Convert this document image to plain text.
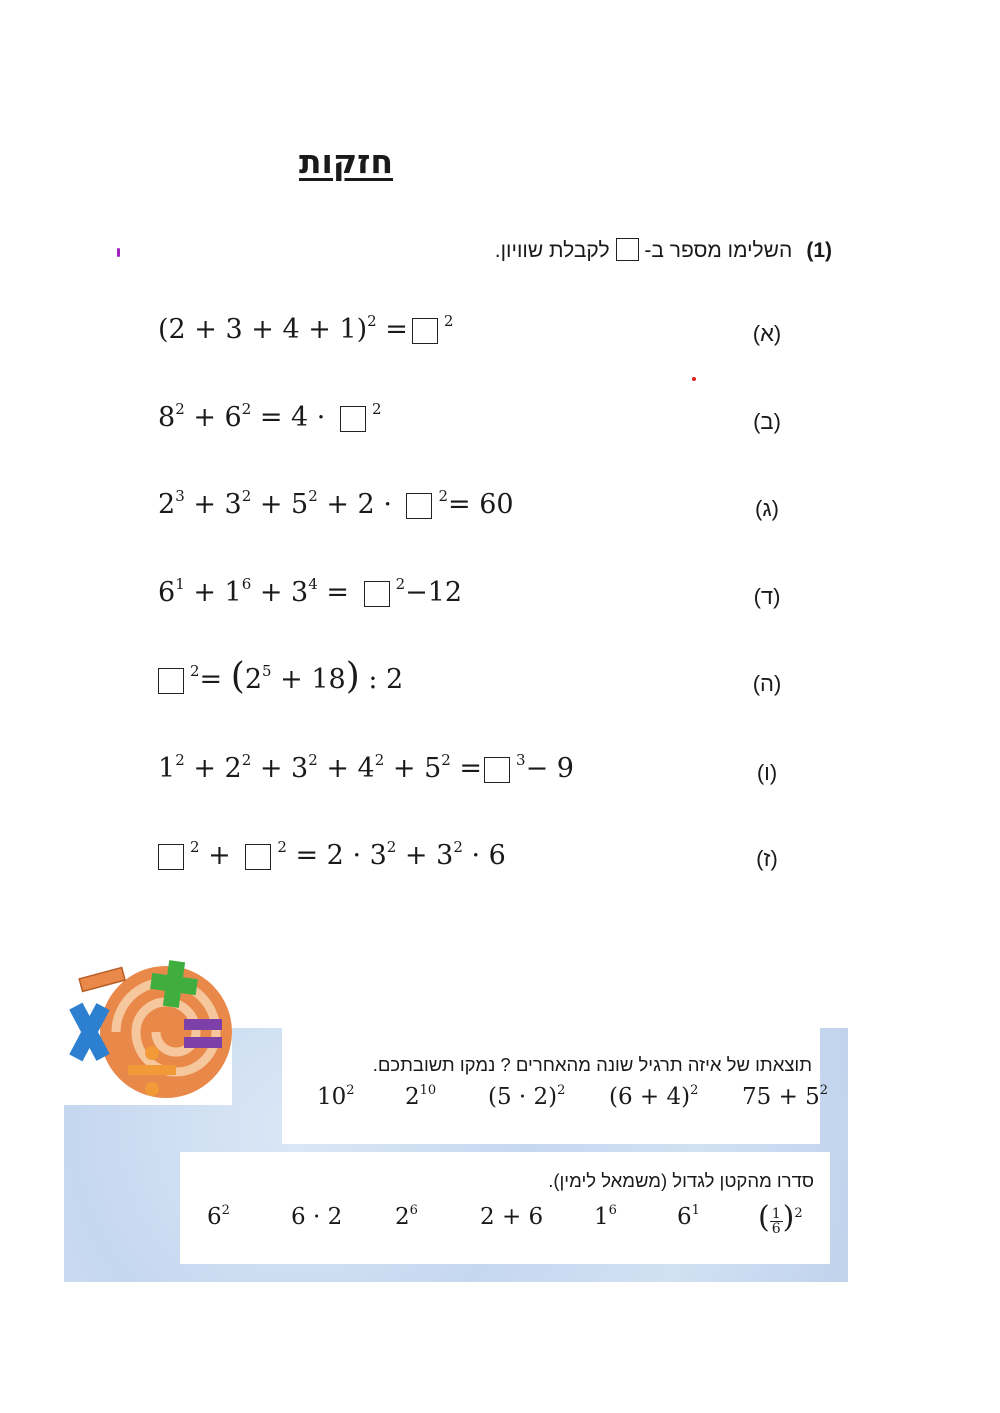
חזקות
(1)השלימו מספר ב-  לקבלת שוויון.
(א)
(ב)
(ג)
(ד)
(ה)
(ו)
(ז)
$(2 + 3 + 4 + 1)^2 = ^2$
$8^2 + 6^2 = 4$ ·	$^2$
$2^3 + 3^2 + 5^2 + 2$ ·	$^2$= 60
$6^1 + 1^6 + 3^4$ =	$^2$−12
$^2= (2^5 + 18)$ : 2
$1^2 + 2^2 + 3^2 + 4^2 + 5^2 = ^3- 9$
$^2$ +	$^2 = 2 \cdot 3^2 + 3^2 \cdot 6$
תוצאתו של איזה תרגיל שונה מהאחרים ? נמקו תשובתכם.
$75 + 5^2$
$(6 + 4)^2$
$(5 \cdot 2)^2$
$2^{10}$
$10^2$
סדרו מהקטן לגדול (משמאל לימין).
( $\frac{1}{6} )^2$
$6^1$
$1^6$
2 + 6
$2^6$
6 · 2
$6^2$
